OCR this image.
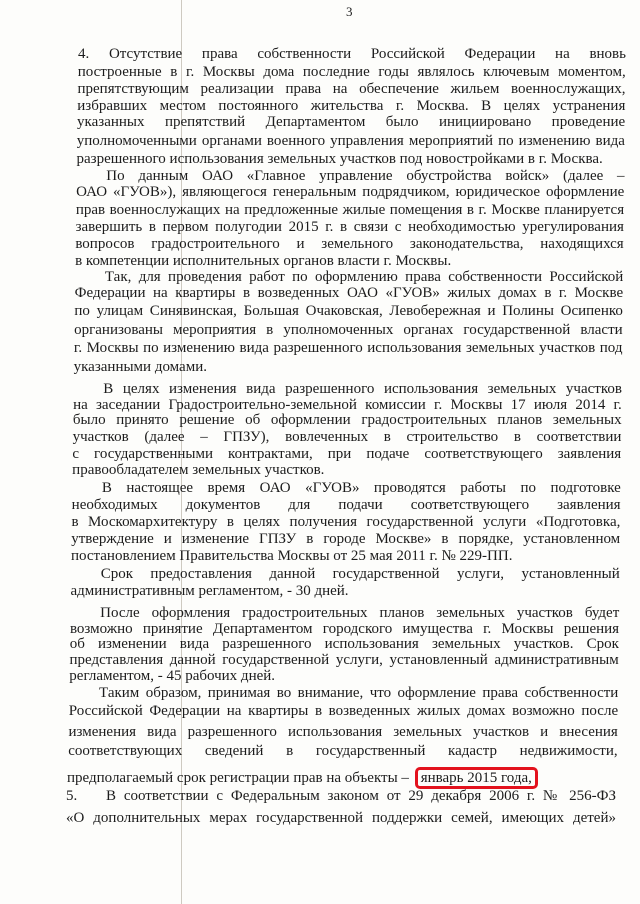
3
4. Отсутствие права собственности Российской Федерации на вновь
построенные в г. Москвы дома последние годы являлось ключевым моментом,
препятствующим реализации права на обеспечение жильем военнослужащих,
избравших местом постоянного жительства г. Москва. В целях устранения
указанных препятствий Департаментом было инициировано проведение
уполномоченными органами военного управления мероприятий по изменению вида
разрешенного использования земельных участков под новостройками в г. Москва.
По данным ОАО «Главное управление обустройства войск» (далее –
ОАО «ГУОВ»), являющегося генеральным подрядчиком, юридическое оформление
прав военнослужащих на предложенные жилые помещения в г. Москве планируется
завершить в первом полугодии 2015 г. в связи с необходимостью урегулирования
вопросов градостроительного и земельного законодательства, находящихся
в компетенции исполнительных органов власти г. Москвы.
Так, для проведения работ по оформлению права собственности Российской
Федерации на квартиры в возведенных ОАО «ГУОВ» жилых домах в г. Москве
по улицам Синявинская, Большая Очаковская, Левобережная и Полины Осипенко
организованы мероприятия в уполномоченных органах государственной власти
г. Москвы по изменению вида разрешенного использования земельных участков под
указанными домами.
В целях изменения вида разрешенного использования земельных участков
на заседании Градостроительно-земельной комиссии г. Москвы 17 июля 2014 г.
было принято решение об оформлении градостроительных планов земельных
участков (далее – ГПЗУ), вовлеченных в строительство в соответствии
с государственными контрактами, при подаче соответствующего заявления
правообладателем земельных участков.
В настоящее время ОАО «ГУОВ» проводятся работы по подготовке
необходимых документов для подачи соответствующего заявления
в Москомархитектуру в целях получения государственной услуги «Подготовка,
утверждение и изменение ГПЗУ в городе Москве» в порядке, установленном
постановлением Правительства Москвы от 25 мая 2011 г. № 229-ПП.
Срок предоставления данной государственной услуги, установленный
административным регламентом, - 30 дней.
После оформления градостроительных планов земельных участков будет
возможно принятие Департаментом городского имущества г. Москвы решения
об изменении вида разрешенного использования земельных участков. Срок
представления данной государственной услуги, установленный административным
регламентом, - 45 рабочих дней.
Таким образом, принимая во внимание, что оформление права собственности
Российской Федерации на квартиры в возведенных жилых домах возможно после
изменения вида разрешенного использования земельных участков и внесения
соответствующих сведений в государственный кадастр недвижимости,
предполагаемый срок регистрации прав на объекты – январь 2015 года,
5. В соответствии с Федеральным законом от 29 декабря 2006 г. № 256-ФЗ
«О дополнительных мерах государственной поддержки семей, имеющих детей»
